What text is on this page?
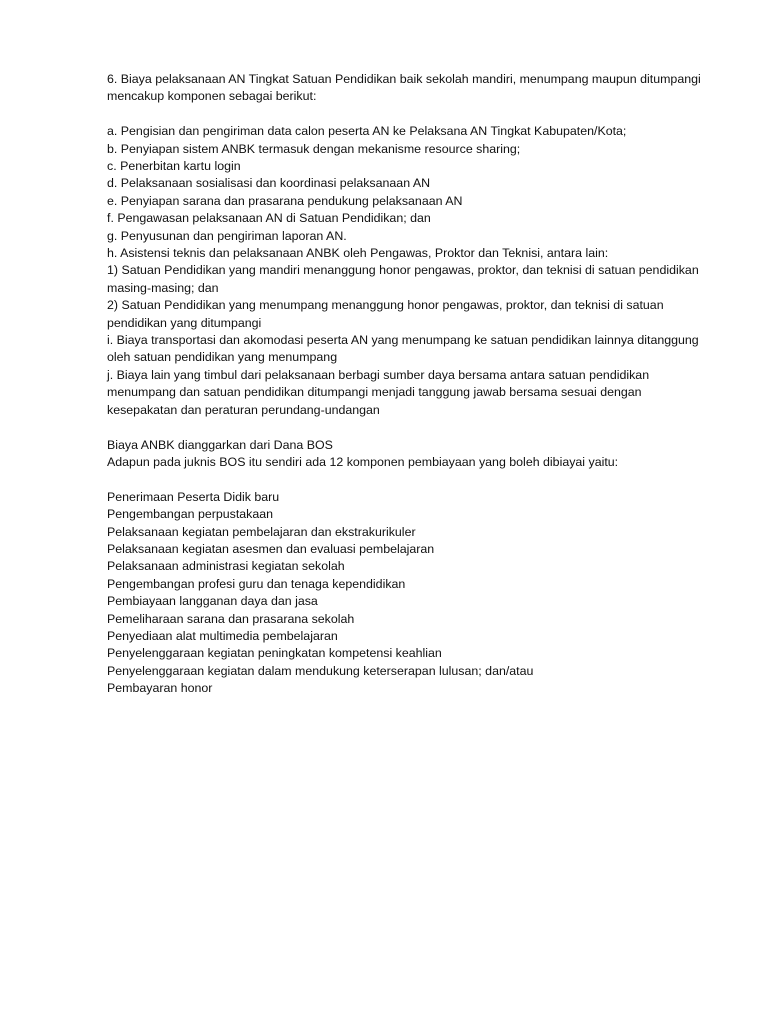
6. Biaya pelaksanaan AN Tingkat Satuan Pendidikan baik sekolah mandiri, menumpang maupun ditumpangi mencakup komponen sebagai berikut:

a. Pengisian dan pengiriman data calon peserta AN ke Pelaksana AN Tingkat Kabupaten/Kota;

b. Penyiapan sistem ANBK termasuk dengan mekanisme resource sharing;

c. Penerbitan kartu login

d. Pelaksanaan sosialisasi dan koordinasi pelaksanaan AN

e. Penyiapan sarana dan prasarana pendukung pelaksanaan AN

f. Pengawasan pelaksanaan AN di Satuan Pendidikan; dan

g. Penyusunan dan pengiriman laporan AN.

h. Asistensi teknis dan pelaksanaan ANBK oleh Pengawas, Proktor dan Teknisi, antara lain:

1) Satuan Pendidikan yang mandiri menanggung honor pengawas, proktor, dan teknisi di satuan pendidikan masing-masing; dan

2) Satuan Pendidikan yang menumpang menanggung honor pengawas, proktor, dan teknisi di satuan pendidikan yang ditumpangi

i. Biaya transportasi dan akomodasi peserta AN yang menumpang ke satuan pendidikan lainnya ditanggung oleh satuan pendidikan yang menumpang

j. Biaya lain yang timbul dari pelaksanaan berbagi sumber daya bersama antara satuan pendidikan menumpang dan satuan pendidikan ditumpangi menjadi tanggung jawab bersama sesuai dengan kesepakatan dan peraturan perundang-undangan

Biaya ANBK dianggarkan dari Dana BOS

Adapun pada juknis BOS itu sendiri ada 12 komponen pembiayaan yang boleh dibiayai yaitu:

Penerimaan Peserta Didik baru

Pengembangan perpustakaan

Pelaksanaan kegiatan pembelajaran dan ekstrakurikuler

Pelaksanaan kegiatan asesmen dan evaluasi pembelajaran

Pelaksanaan administrasi kegiatan sekolah

Pengembangan profesi guru dan tenaga kependidikan

Pembiayaan langganan daya dan jasa

Pemeliharaan sarana dan prasarana sekolah

Penyediaan alat multimedia pembelajaran

Penyelenggaraan kegiatan peningkatan kompetensi keahlian

Penyelenggaraan kegiatan dalam mendukung keterserapan lulusan; dan/atau

Pembayaran honor
